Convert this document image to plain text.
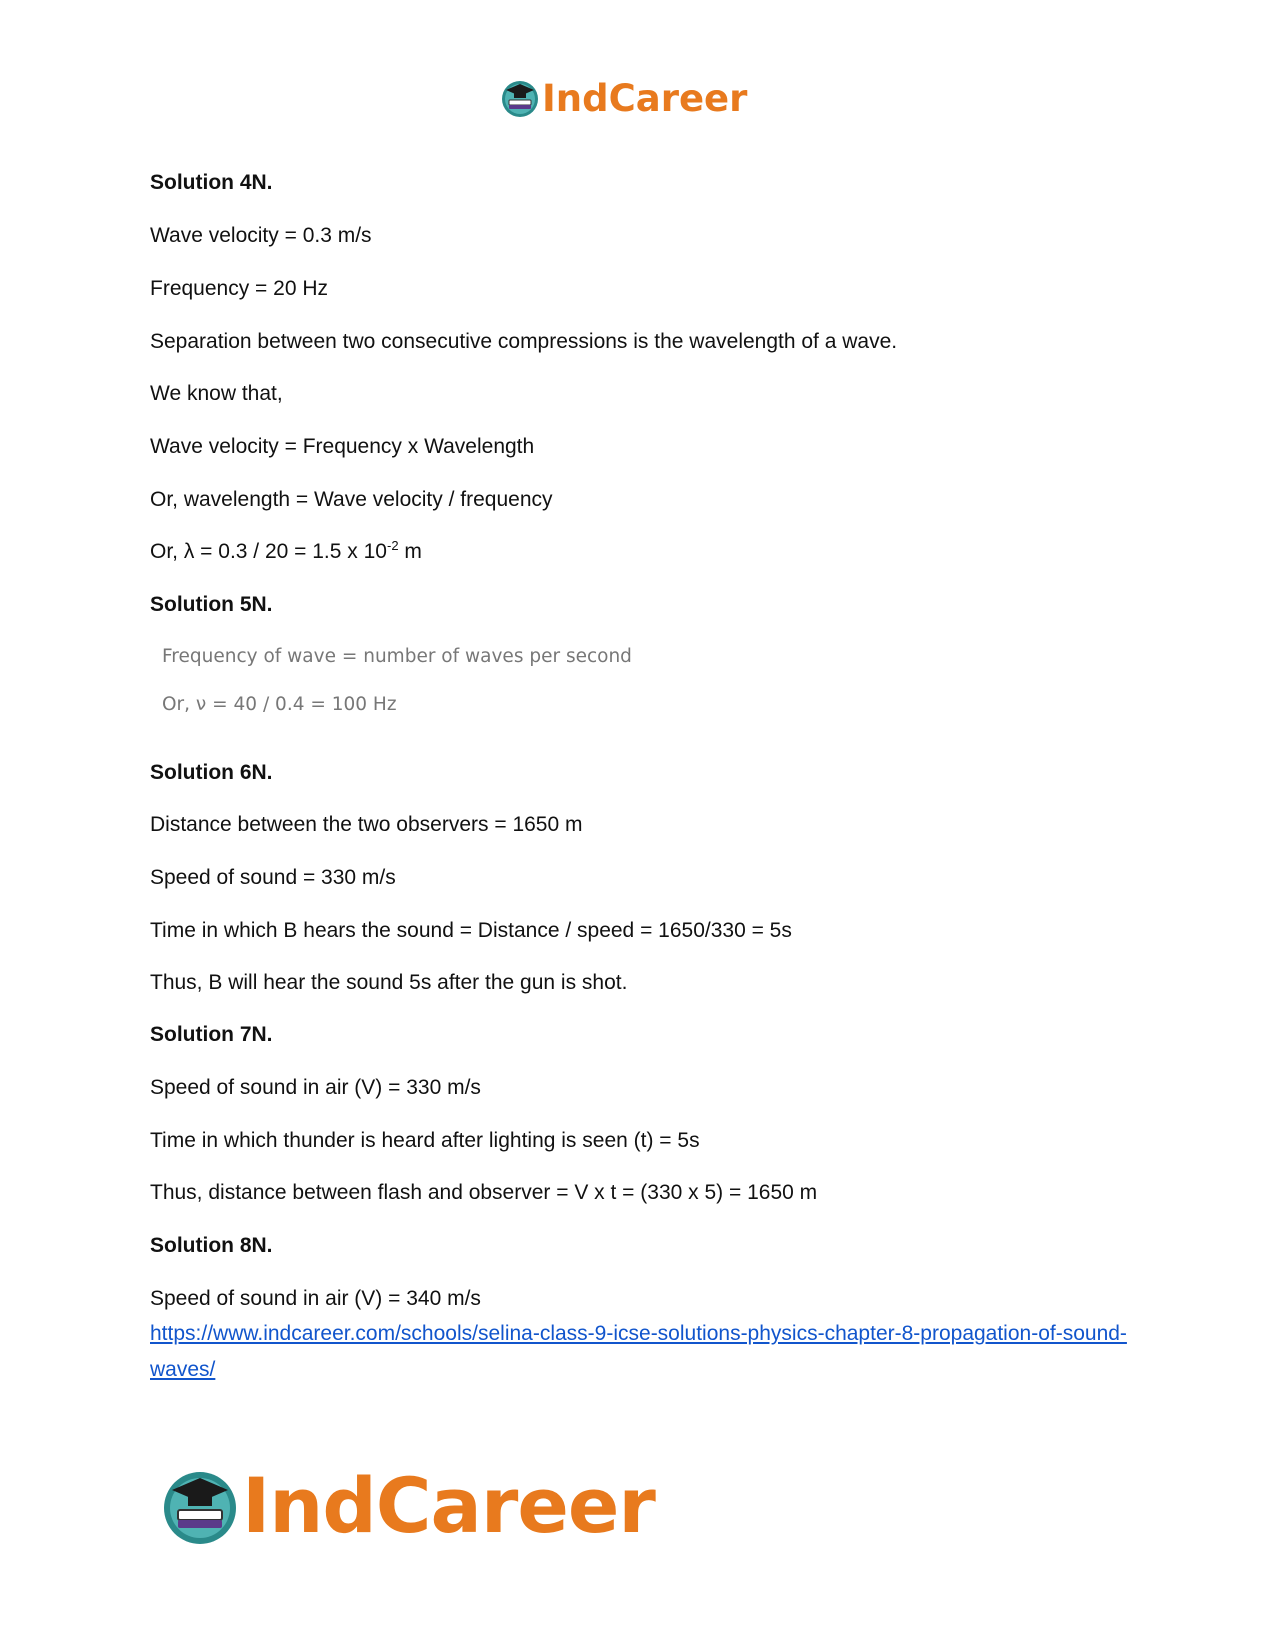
IndCareer
Solution 4N.
Wave velocity = 0.3 m/s
Frequency = 20 Hz
Separation between two consecutive compressions is the wavelength of a wave.
We know that,
Wave velocity = Frequency x Wavelength
Or, wavelength = Wave velocity / frequency
Or, λ = 0.3 / 20 = 1.5 x $10^{-2}$ m
Solution 5N.
Frequency of wave = number of waves per second
Or, ν = 40 / 0.4 = 100 Hz
Solution 6N.
Distance between the two observers = 1650 m
Speed of sound = 330 m/s
Time in which B hears the sound = Distance / speed = 1650/330 = 5s
Thus, B will hear the sound 5s after the gun is shot.
Solution 7N.
Speed of sound in air (V) = 330 m/s
Time in which thunder is heard after lighting is seen (t) = 5s
Thus, distance between flash and observer = V x t = (330 x 5) = 1650 m
Solution 8N.
Speed of sound in air (V) = 340 m/s
https://www.indcareer.com/schools/selina-class-9-icse-solutions-physics-chapter-8-propagation-of-sound-waves/
IndCareer
